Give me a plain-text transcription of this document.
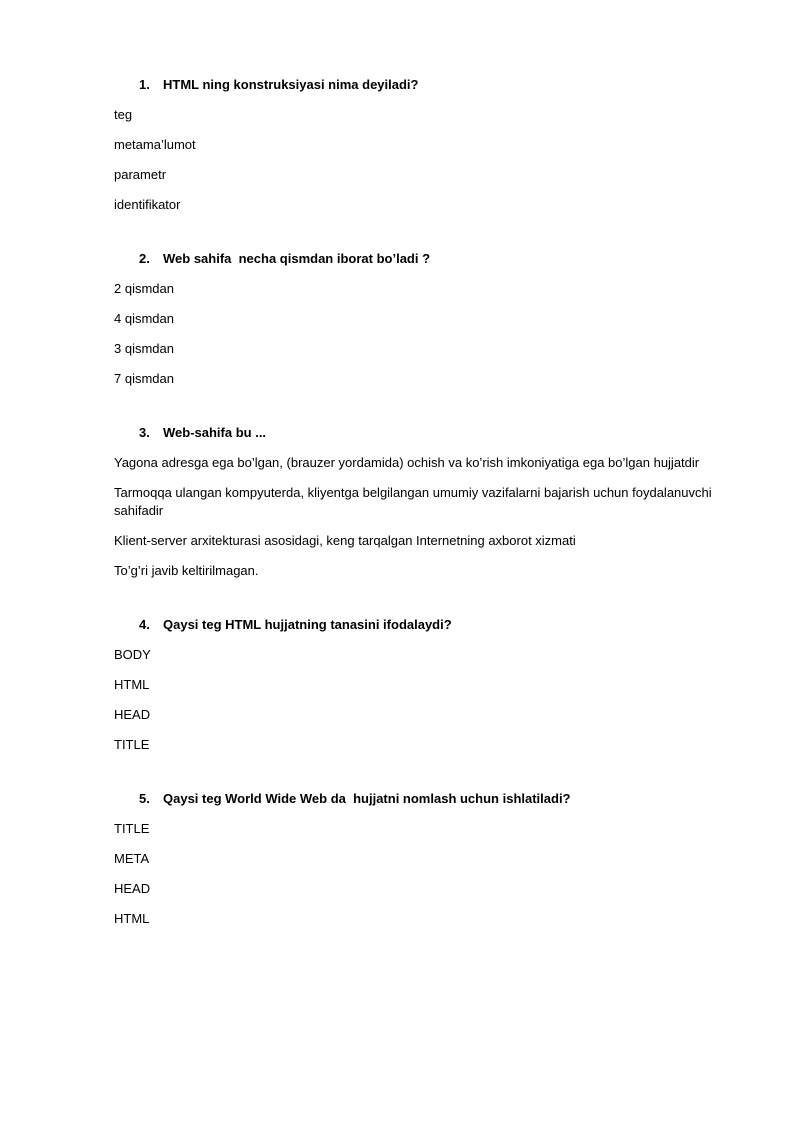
1.	HTML ning konstruksiyasi nima deyiladi?
teg
metama’lumot
parametr
identifikator
2.	Web sahifa  necha qismdan iborat bo’ladi ?
2 qismdan
4 qismdan
3 qismdan
7 qismdan
3.	Web-sahifa bu ...
Yagona adresga ega bo’lgan, (brauzer yordamida) ochish va ko’rish imkoniyatiga ega bo’lgan hujjatdir
Tarmoqqa ulangan kompyuterda, kliyentga belgilangan umumiy vazifalarni bajarish uchun foydalanuvchi sahifadir
Klient-server arxitekturasi asosidagi, keng tarqalgan Internetning axborot xizmati
To’g’ri javib keltirilmagan.
4.	Qaysi teg HTML hujjatning tanasini ifodalaydi?
BODY
HTML
HEAD
TITLE
5.	Qaysi teg World Wide Web da  hujjatni nomlash uchun ishlatiladi?
TITLE
META
HEAD
HTML
